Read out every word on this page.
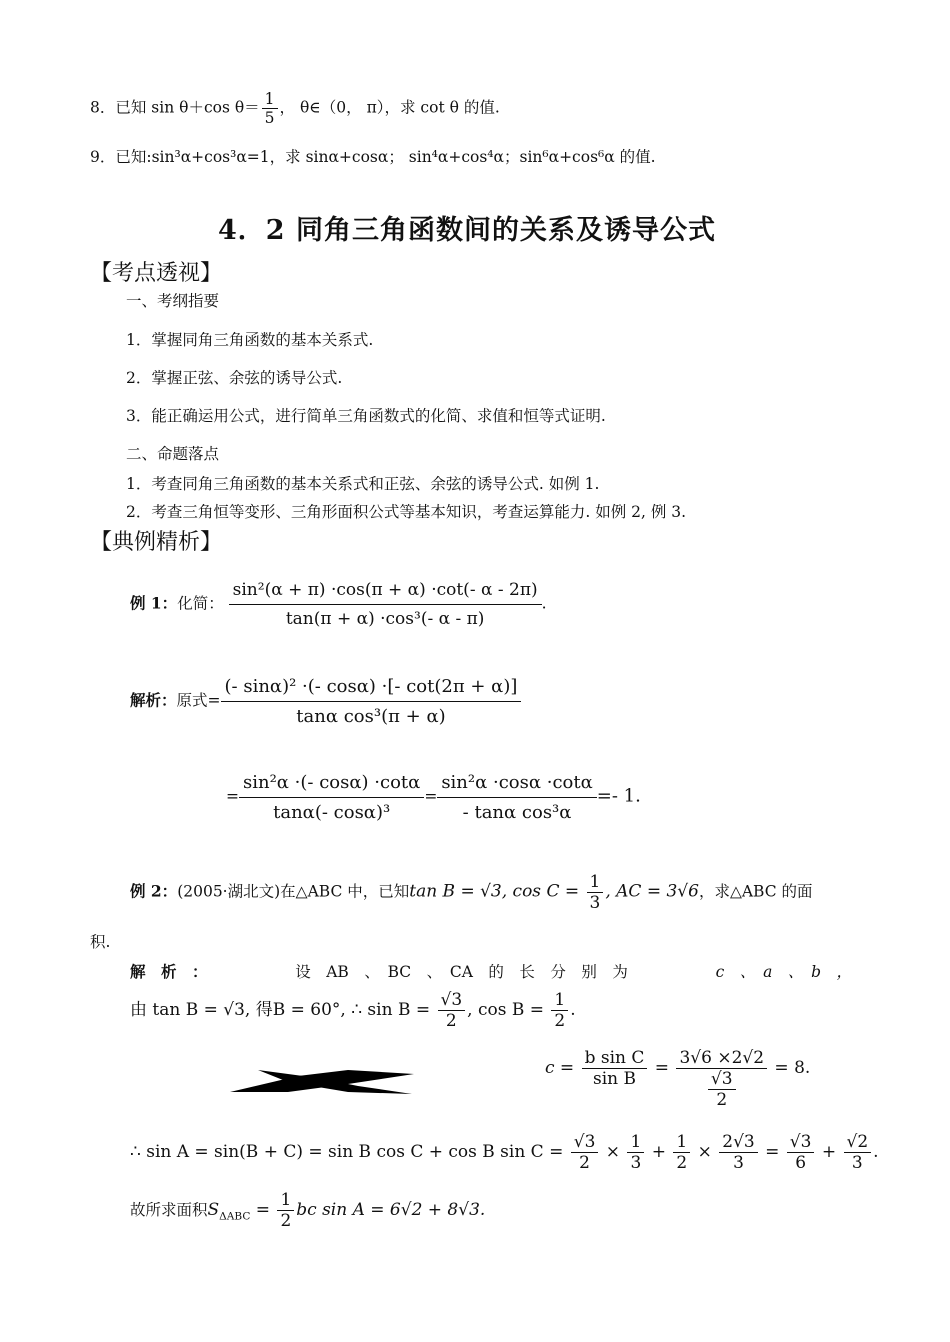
8．已知 sin θ＋cos $\theta= \frac{1}{5}$ ， θ∈（0， π），求 cot θ 的值.
9．已知:sin³α+cos³α=1，求 sinα+cosα； sin⁴α+cos⁴α；sin⁶α+cos⁶α 的值.
4．2 同角三角函数间的关系及诱导公式
【考点透视】
一、考纲指要
1．掌握同角三角函数的基本关系式.
2．掌握正弦、余弦的诱导公式.
3．能正确运用公式，进行简单三角函数式的化简、求值和恒等式证明.
二、命题落点
1．考查同角三角函数的基本关系式和正弦、余弦的诱导公式. 如例 1.
2．考查三角恒等变形、三角形面积公式等基本知识，考查运算能力. 如例 2, 例 3.
【典例精析】
例 1：化简： $\frac{\text{sin²(α + π) ·cos(π + α) ·cot(- α - 2π)}}{\text{tan(π + α) ·cos³(- α - π)}}$ .
解析：原式= $\frac{\text{(- sinα)² ·(- cosα) ·[- cot(2π + α)]}}{\text{tanα cos³(π + α)}}$
= $\frac{\text{sin²α ·(- cosα) ·cotα}}{\text{tanα(- cosα)³}} = \frac{\text{sin²α ·cosα ·cotα}}{\text{- tanα cos³α}} =- 1$.
例 2：(2005·湖北文)在△ABC 中，已知tan B = √3, $\cos C = \frac{1}{3}$ , AC = 3√6，求△ABC 的面
积.
解　析　：	设　AB　、　BC　、　CA　的　长　分　别　为	c　、　a　、　b　，
由 tan B = √3, 得B = 60°, ∴ $\sin B = \frac{√3}{2}$ , $\cos B = \frac{1}{2}$ .
$c = \frac{\text{b sin C}}{\text{sin B}} = \frac{3√6 \times 2√2}{\frac{√3}{2}} = 8$.
∴ sin A = sin(B + C) = sin B cos C + cos B $\sin C = \frac{√3}{2} \times \frac{1}{3} + \frac{1}{2} \times \frac{2√3}{3} = \frac{√3}{6} + \frac{√2}{3}$ .
故所求面积$S_{\Delta ABC} = \frac{1}{2}$ bc sin A = 6√2 + 8√3.
